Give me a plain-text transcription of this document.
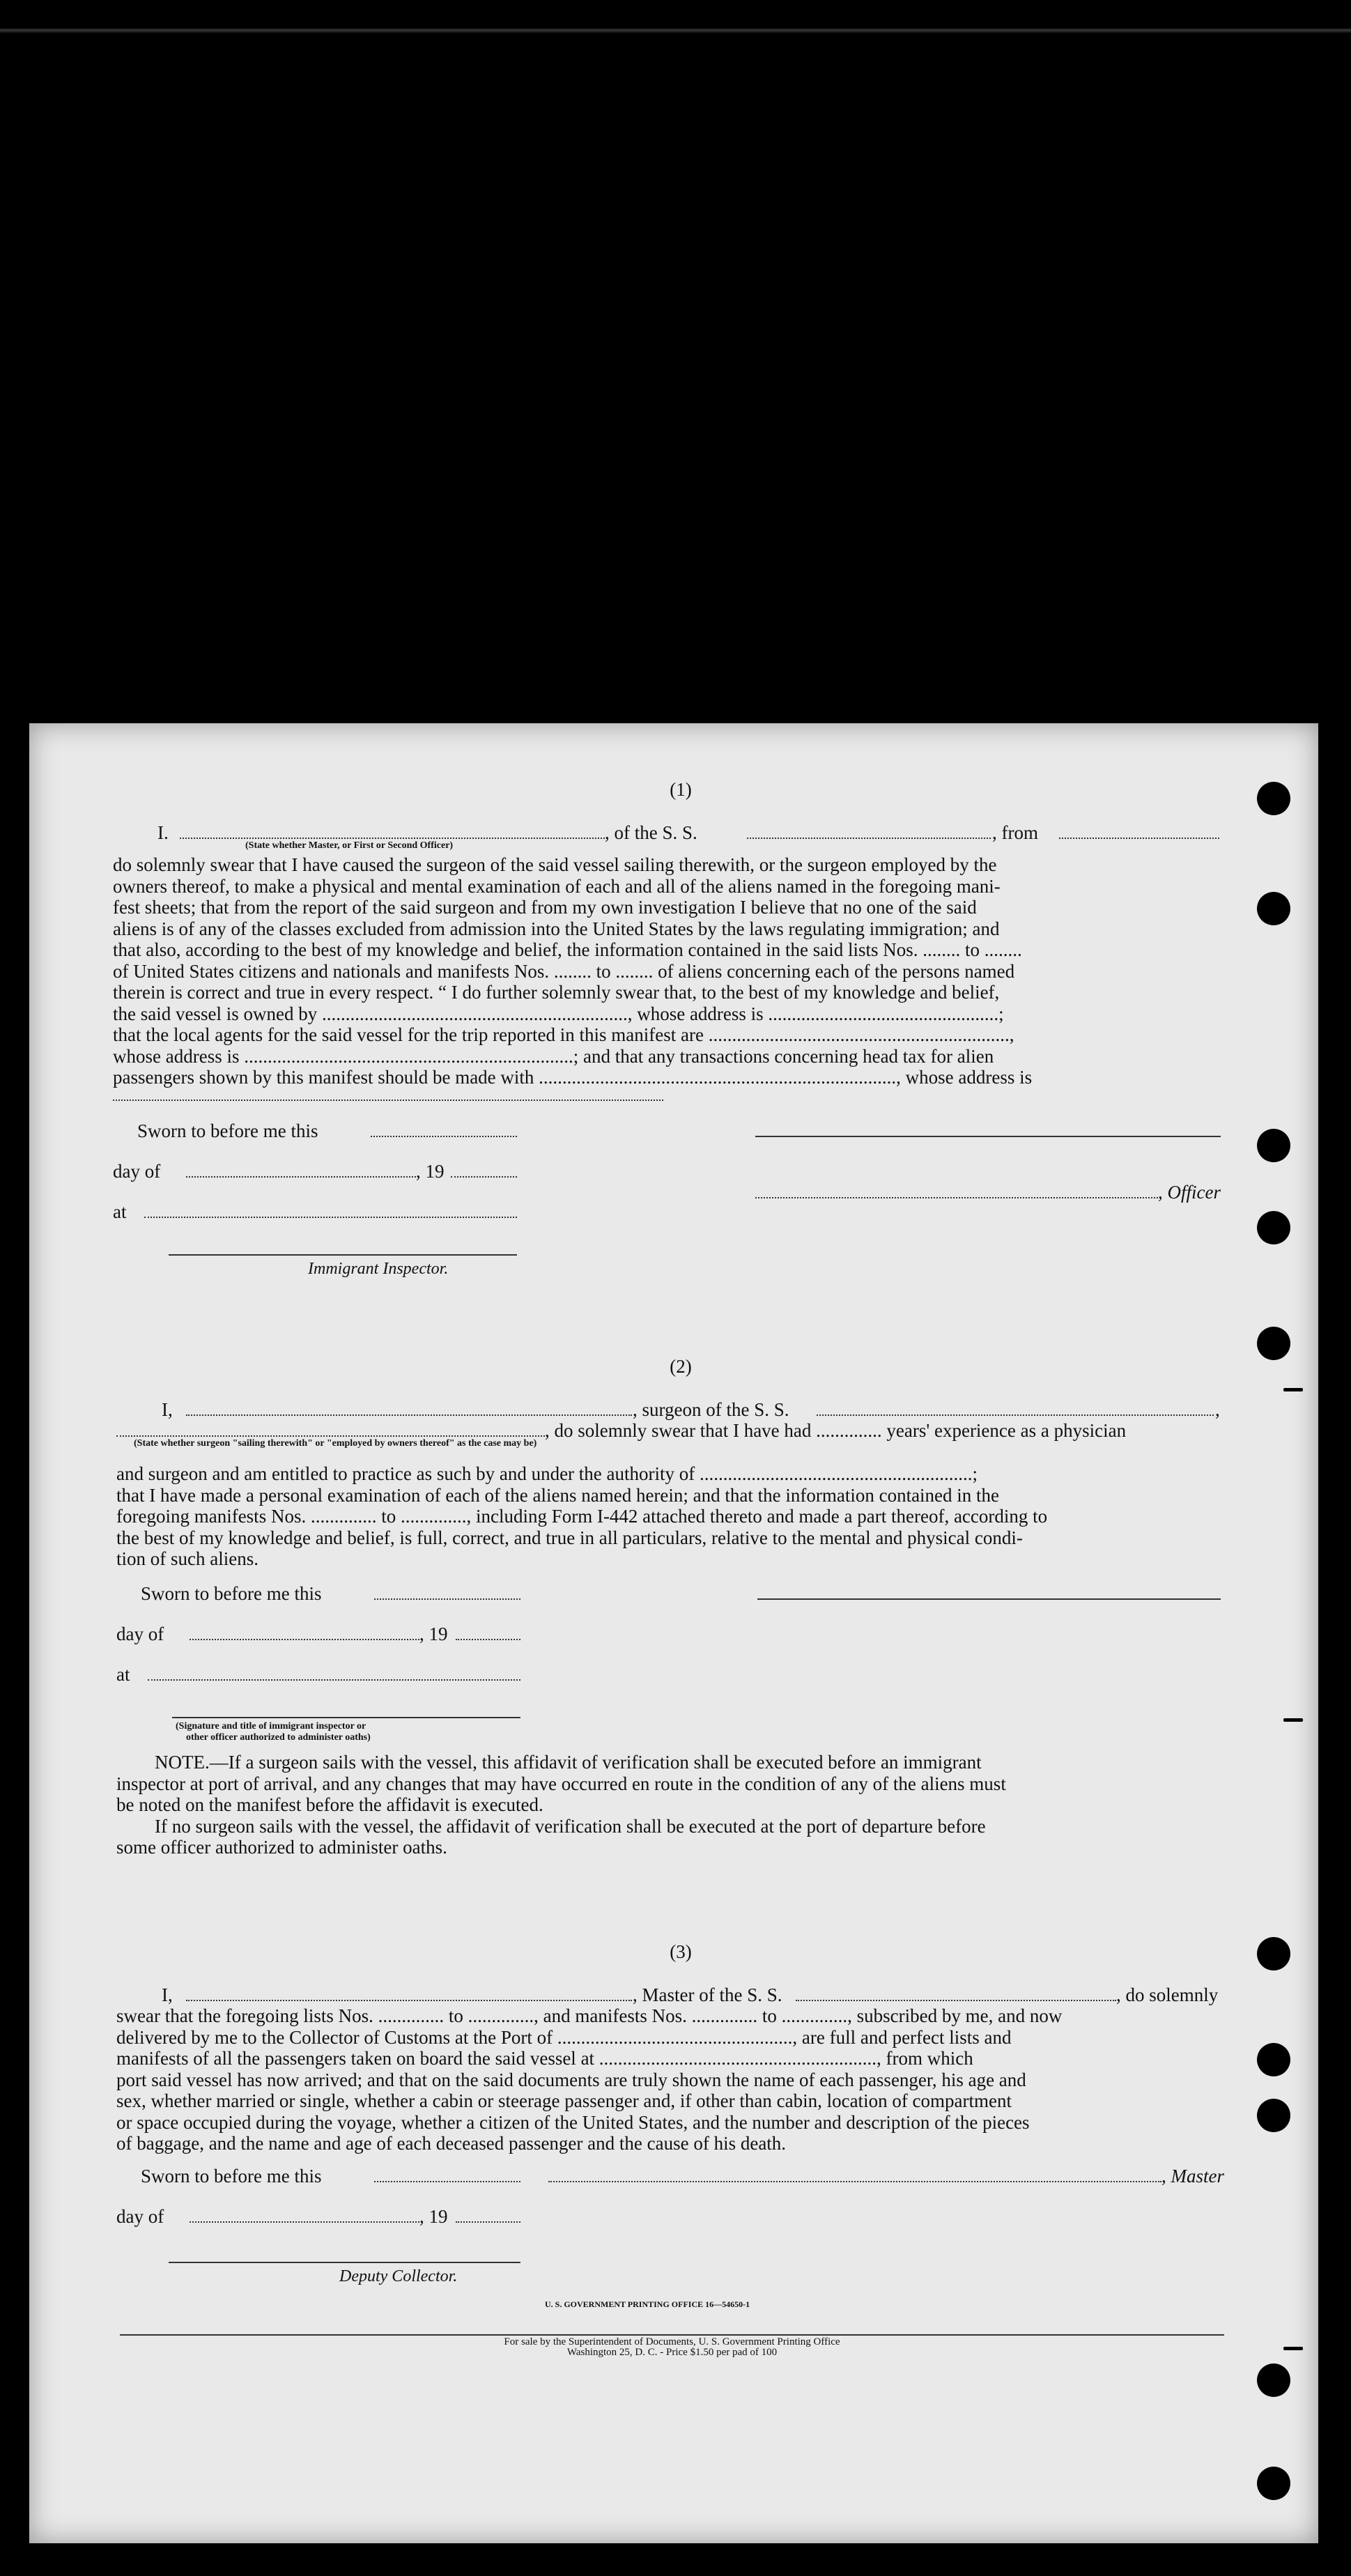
(1)
I.	, of the S. S.	, from
(State whether Master, or First or Second Officer)

do solemnly swear that I have caused the surgeon of the said vessel sailing therewith, or the surgeon employed by the

owners thereof, to make a physical and mental examination of each and all of the aliens named in the foregoing mani-

fest sheets; that from the report of the said surgeon and from my own investigation I believe that no one of the said

aliens is of any of the classes excluded from admission into the United States by the laws regulating immigration; and

that also, according to the best of my knowledge and belief, the information contained in the said lists Nos. ........ to ........

of United States citizens and nationals and manifests Nos. ........ to ........ of aliens concerning each of the persons named

therein is correct and true in every respect. “ I do further solemnly swear that, to the best of my knowledge and belief,

the said vessel is owned by ................................................................., whose address is .................................................;

that the local agents for the said vessel for the trip reported in this manifest are ................................................................,

whose address is ......................................................................; and that any transactions concerning head tax for alien

passengers shown by this manifest should be made with ............................................................................, whose address is

Sworn to before me this
day of	, 19
, Officer
at
Immigrant Inspector.
(2)
I,	, surgeon of the S. S.	,
, do solemnly swear that I have had .............. years' experience as a physician
(State whether surgeon "sailing therewith" or "employed by owners thereof" as the case may be)

and surgeon and am entitled to practice as such by and under the authority of ..........................................................;

that I have made a personal examination of each of the aliens named herein; and that the information contained in the

foregoing manifests Nos. .............. to .............., including Form I-442 attached thereto and made a part thereof, according to

the best of my knowledge and belief, is full, correct, and true in all particulars, relative to the mental and physical condi-

tion of such aliens.

Sworn to before me this
day of	, 19
at
(Signature and title of immigrant inspector or
other officer authorized to administer oaths)

NOTE.—If a surgeon sails with the vessel, this affidavit of verification shall be executed before an immigrant

inspector at port of arrival, and any changes that may have occurred en route in the condition of any of the aliens must

be noted on the manifest before the affidavit is executed.

If no surgeon sails with the vessel, the affidavit of verification shall be executed at the port of departure before

some officer authorized to administer oaths.

(3)
I,	, Master of the S. S.	, do solemnly

swear that the foregoing lists Nos. .............. to .............., and manifests Nos. .............. to .............., subscribed by me, and now

delivered by me to the Collector of Customs at the Port of .................................................., are full and perfect lists and

manifests of all the passengers taken on board the said vessel at ..........................................................., from which

port said vessel has now arrived; and that on the said documents are truly shown the name of each passenger, his age and

sex, whether married or single, whether a cabin or steerage passenger and, if other than cabin, location of compartment

or space occupied during the voyage, whether a citizen of the United States, and the number and description of the pieces

of baggage, and the name and age of each deceased passenger and the cause of his death.

Sworn to before me this	, Master
day of	, 19
Deputy Collector.
U. S. GOVERNMENT PRINTING OFFICE 16—54650-1
For sale by the Superintendent of Documents, U. S. Government Printing Office
Washington 25, D. C. - Price $1.50 per pad of 100
